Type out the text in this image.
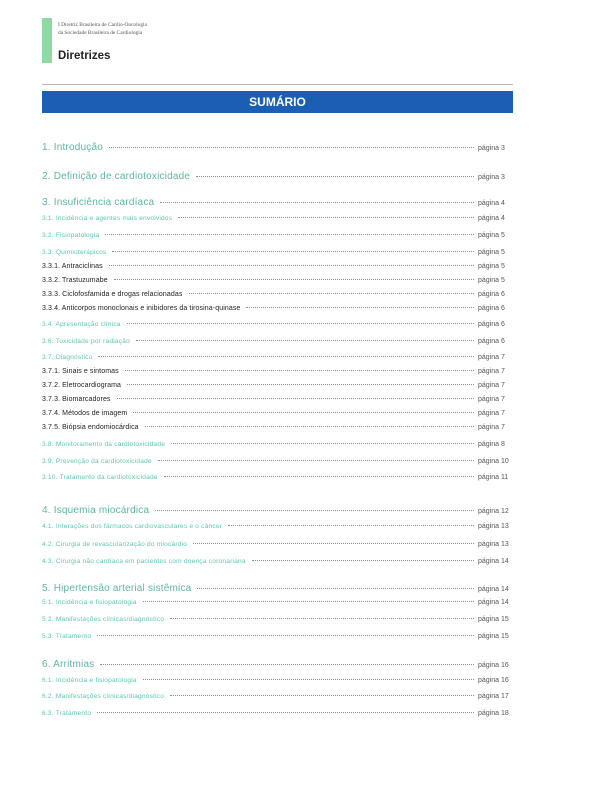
I Diretriz Brasileira de Cardio-Oncologia
da Sociedade Brasileira de Cardiologia
Diretrizes
SUMÁRIO
1. Introdução	página 3
2. Definição de cardiotoxicidade	página 3
3. Insuficiência cardíaca	página 4
3.1. Incidência e agentes mais envolvidos	página 4
3.2. Fisiopatologia	página 5
3.3. Quimioterápicos	página 5
3.3.1. Antraciclinas	página 5
3.3.2. Trastuzumabe	página 5
3.3.3. Ciclofosfamida e drogas relacionadas	página 6
3.3.4. Anticorpos monoclonais e inibidores da tirosina-quinase	página 6
3.4. Apresentação clínica	página 6
3.6. Toxicidade por radiação	página 6
3.7. Diagnóstico	página 7
3.7.1. Sinais e sintomas	página 7
3.7.2. Eletrocardiograma	página 7
3.7.3. Biomarcadores	página 7
3.7.4. Métodos de imagem	página 7
3.7.5. Biópsia endomiocárdica	página 7
3.8. Monitoramento da cardiotoxicidade	página 8
3.9. Prevenção da cardiotoxicidade	página 10
3.10. Tratamento da cardiotoxicidade	página 11
4. Isquemia miocárdica	página 12
4.1. Interações dos fármacos cardiovasculares e o câncer	página 13
4.2. Cirurgia de revascularização do miocárdio	página 13
4.3. Cirurgia não cardíaca em pacientes com doença coronariana	página 14
5. Hipertensão arterial sistêmica	página 14
5.1. Incidência e fisiopatologia	página 14
5.2. Manifestações clínicas/diagnóstico	página 15
5.3. Tratamento	página 15
6. Arritmias	página 16
6.1. Incidência e fisiopatologia	página 16
6.2. Manifestações clínicas/diagnóstico	página 17
6.3. Tratamento	página 18
